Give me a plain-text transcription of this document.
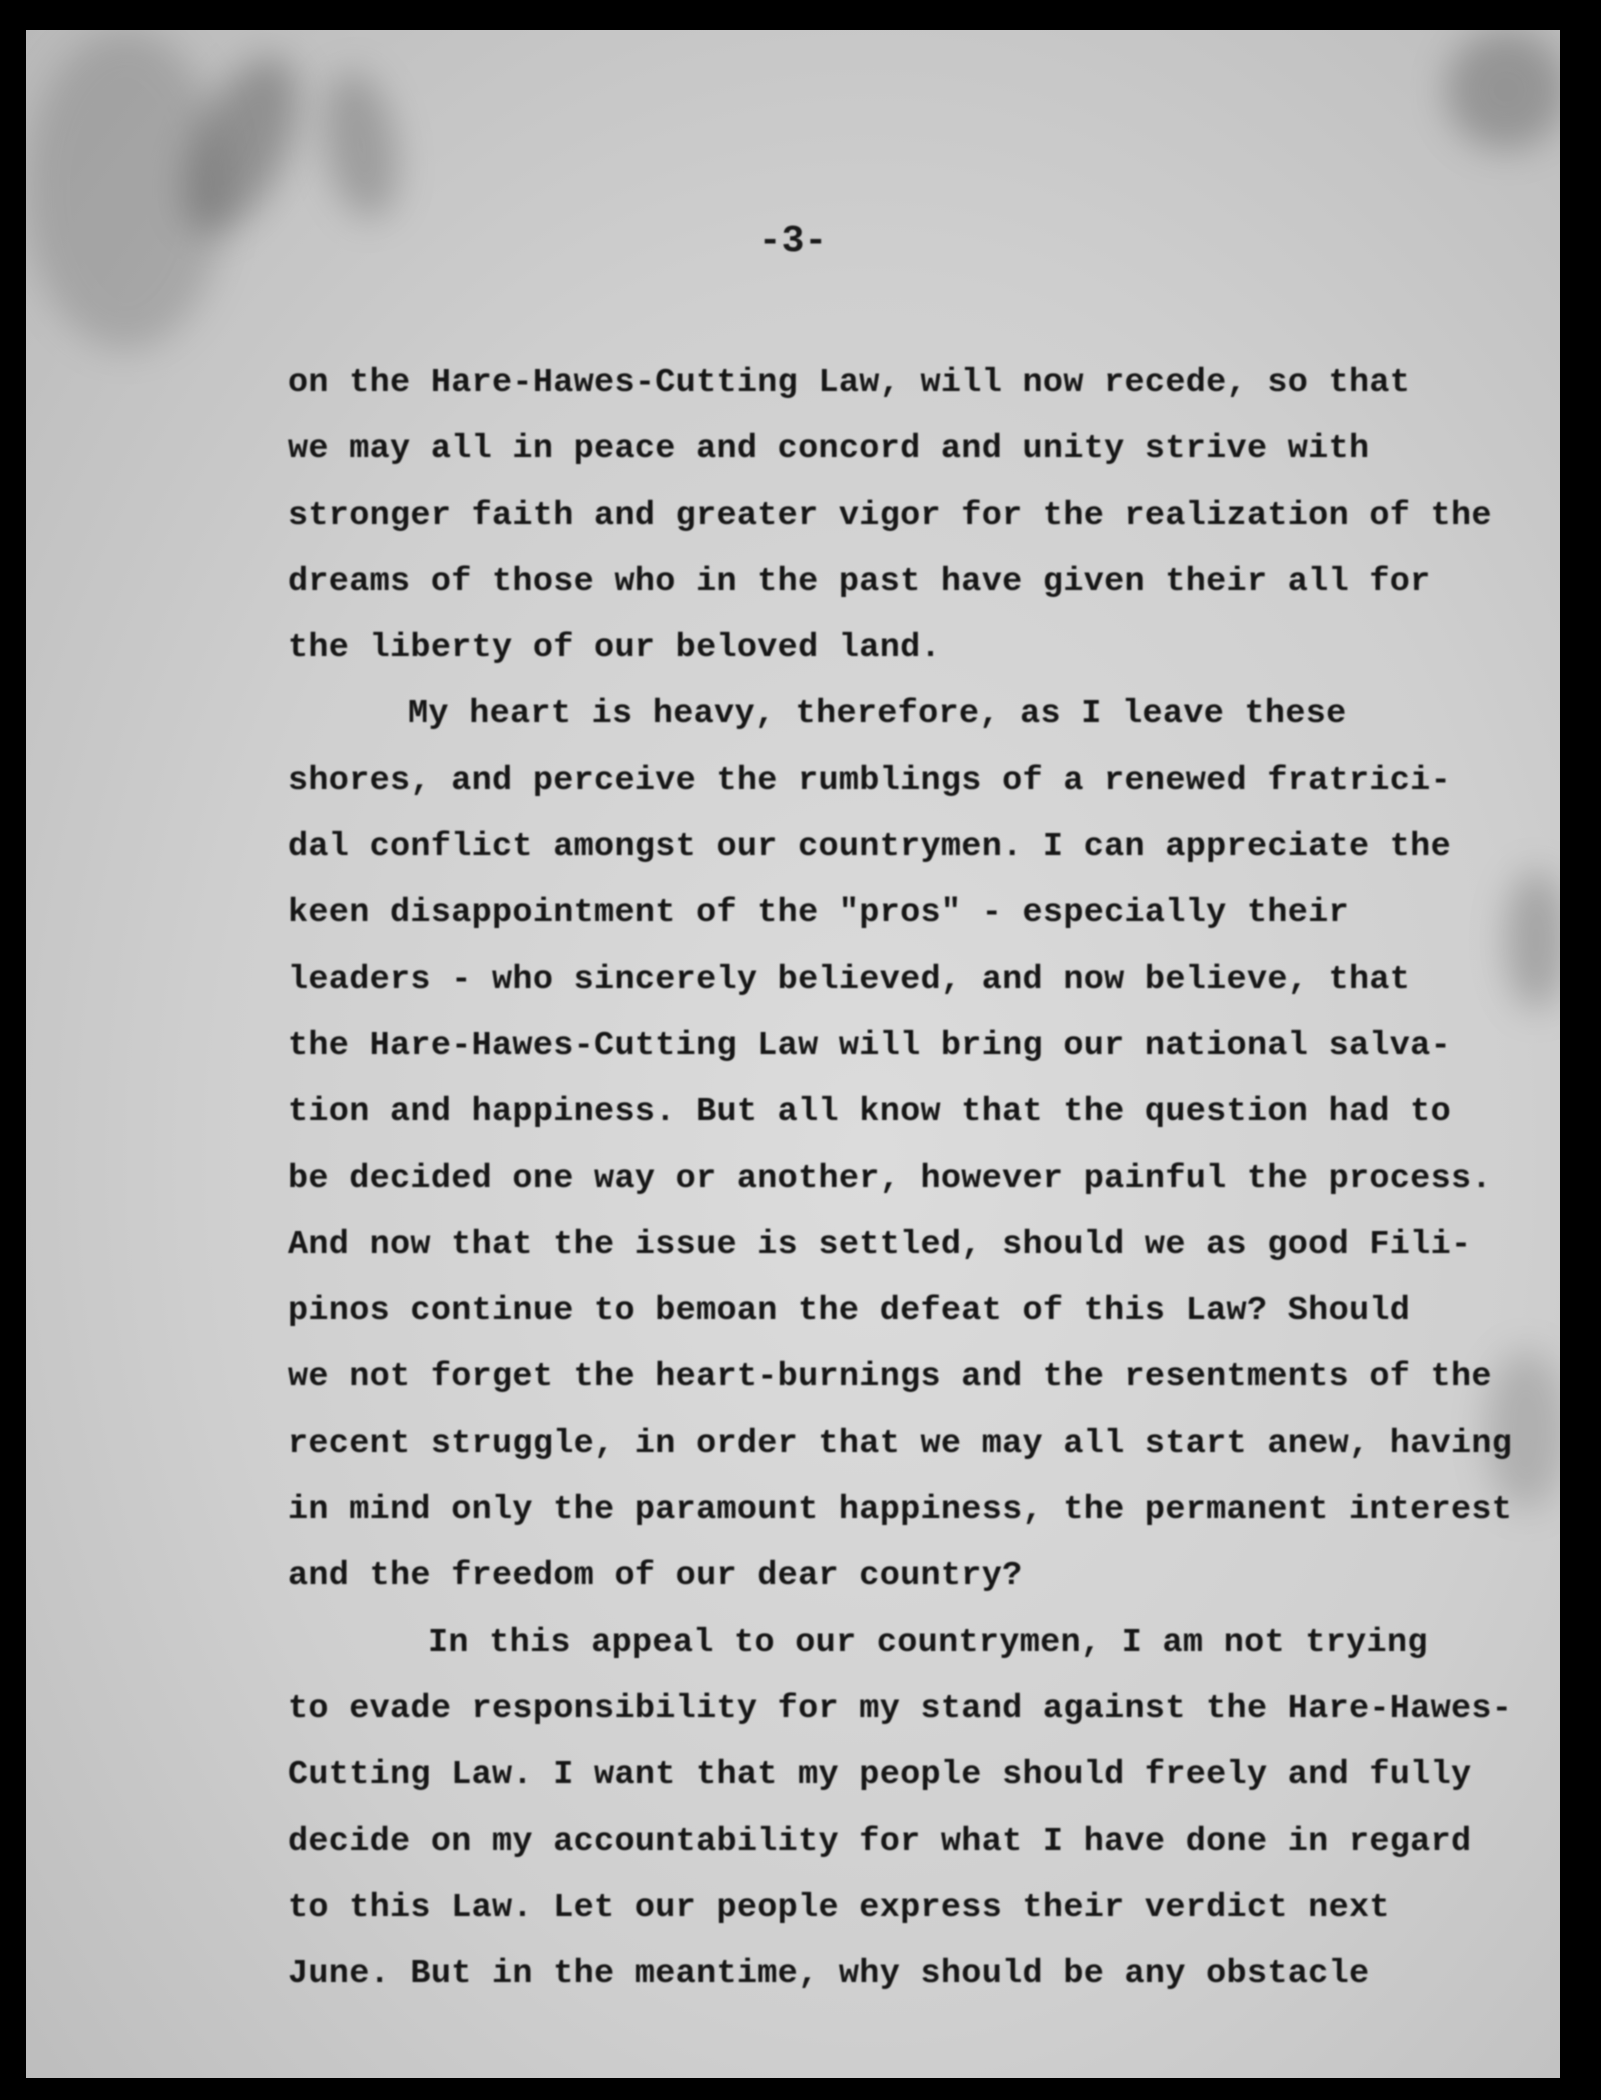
-3-
on the Hare-Hawes-Cutting Law, will now recede, so that
we may all in peace and concord and unity strive with
stronger faith and greater vigor for the realization of the
dreams of those who in the past have given their all for
the liberty of our beloved land.
My heart is heavy, therefore, as I leave these
shores, and perceive the rumblings of a renewed fratrici-
dal conflict amongst our countrymen. I can appreciate the
keen disappointment of the "pros" - especially their
leaders - who sincerely believed, and now believe, that
the Hare-Hawes-Cutting Law will bring our national salva-
tion and happiness. But all know that the question had to
be decided one way or another, however painful the process.
And now that the issue is settled, should we as good Fili-
pinos continue to bemoan the defeat of this Law? Should
we not forget the heart-burnings and the resentments of the
recent struggle, in order that we may all start anew, having
in mind only the paramount happiness, the permanent interest
and the freedom of our dear country?
In this appeal to our countrymen, I am not trying
to evade responsibility for my stand against the Hare-Hawes-
Cutting Law. I want that my people should freely and fully
decide on my accountability for what I have done in regard
to this Law. Let our people express their verdict next
June. But in the meantime, why should be any obstacle
